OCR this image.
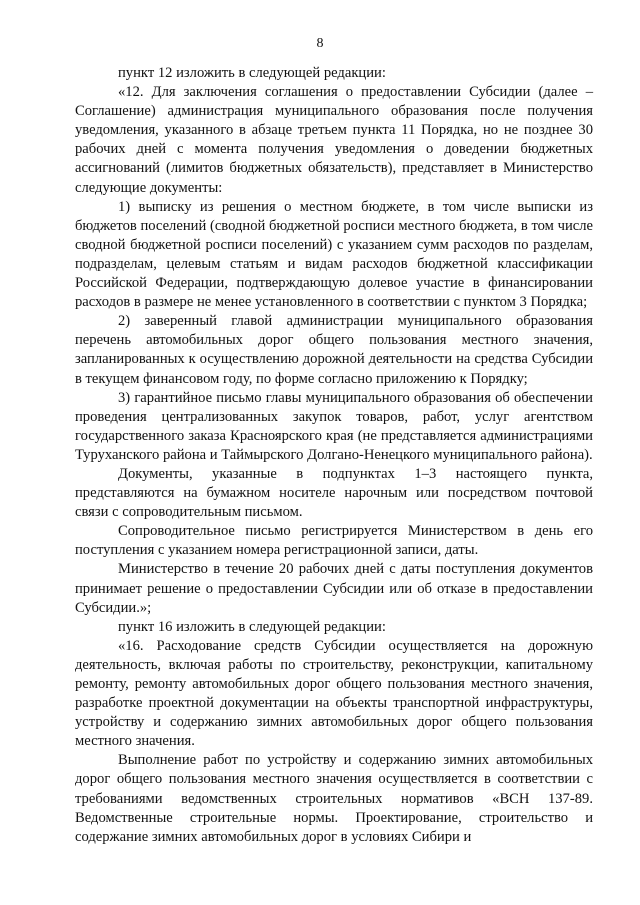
8

пункт 12 изложить в следующей редакции:

«12. Для заключения соглашения о предоставлении Субсидии (далее – Соглашение) администрация муниципального образования после получения уведомления, указанного в абзаце третьем пункта 11 Порядка, но не позднее 30 рабочих дней с момента получения уведомления о доведении бюджетных ассигнований (лимитов бюджетных обязательств), представляет в Министерство следующие документы:

1) выписку из решения о местном бюджете, в том числе выписки из бюджетов поселений (сводной бюджетной росписи местного бюджета, в том числе сводной бюджетной росписи поселений) с указанием сумм расходов по разделам, подразделам, целевым статьям и видам расходов бюджетной классификации Российской Федерации, подтверждающую долевое участие в финансировании расходов в размере не менее установленного в соответствии с пунктом 3 Порядка;

2) заверенный главой администрации муниципального образования перечень автомобильных дорог общего пользования местного значения, запланированных к осуществлению дорожной деятельности на средства Субсидии в текущем финансовом году, по форме согласно приложению к Порядку;

3) гарантийное письмо главы муниципального образования об обеспечении проведения централизованных закупок товаров, работ, услуг агентством государственного заказа Красноярского края (не представляется администрациями Туруханского района и Таймырского Долгано-Ненецкого муниципального района).

Документы, указанные в подпунктах 1–3 настоящего пункта, представляются на бумажном носителе нарочным или посредством почтовой связи с сопроводительным письмом.

Сопроводительное письмо регистрируется Министерством в день его поступления с указанием номера регистрационной записи, даты.

Министерство в течение 20 рабочих дней с даты поступления документов принимает решение о предоставлении Субсидии или об отказе в предоставлении Субсидии.»;

пункт 16 изложить в следующей редакции:

«16. Расходование средств Субсидии осуществляется на дорожную деятельность, включая работы по строительству, реконструкции, капитальному ремонту, ремонту автомобильных дорог общего пользования местного значения, разработке проектной документации на объекты транспортной инфраструктуры, устройству и содержанию зимних автомобильных дорог общего пользования местного значения.

Выполнение работ по устройству и содержанию зимних автомобильных дорог общего пользования местного значения осуществляется в соответствии с требованиями ведомственных строительных нормативов «ВСН 137-89. Ведомственные строительные нормы. Проектирование, строительство и содержание зимних автомобильных дорог в условиях Сибири и
